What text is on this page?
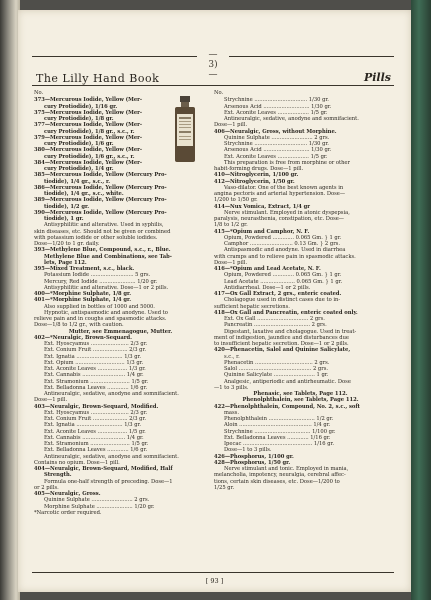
—3)—
The Lilly Hand Book	Pills

No.

373—Mercurous Iodide, Yellow (Mer-

cury Protiodide), 1/16 gr.

375—Mercurous Iodide, Yellow (Mer-

cury Protiodide), 1/8 gr.

377—Mercurous Iodide, Yellow (Mer-

cury Protiodide), 1/8 gr., s.c., r.

379—Mercurous Iodide, Yellow (Mer-

cury Protiodide), 1/6 gr.

380—Mercurous Iodide, Yellow (Mer-

cury Protiodide), 1/6 gr., s.c., r.

384—Mercurous Iodide, Yellow (Mer-

cury Protiodide), 1/4 gr.

385—Mercurous Iodide, Yellow (Mercury Pro-

tiodide), 1/4 gr., s.c., r.

386—Mercurous Iodide, Yellow (Mercury Pro-

tiodide), 1/4 gr., s.c., white.

389—Mercurous Iodide, Yellow (Mercury Pro-

tiodide), 1/2 gr.

390—Mercurous Iodide, Yellow (Mercury Pro-

tiodide), 1 gr.

Antisyphilitic and alterative. Used in syphilis,

skin diseases, etc. Should not be given or combined

with potassium iodide or other soluble iodides.

Dose—1/20 to 1 gr. daily.

393—Methylene Blue, Compound, s.c., r., Blue.

Methylene Blue and Combinations, see Tab-

lets, Page 112.

395—Mixed Treatment, s.c., black.

Potassium Iodide .......................... 5 grs.

Mercury, Red Iodide ...................... 1/20 gr.

Antisyphilitic and alterative. Dose—1 or 2 pills.

400—*Morphine Sulphate, 1/8 gr.

401—*Morphine Sulphate, 1/4 gr.

Also supplied in bottles of 1000 and 5000.

Hypnotic, antispasmodic and anodyne. Used to

relieve pain and in coughs and spasmodic attacks.

Dose—1/8 to 1/2 gr., with caution.

Mutter, see Emmenagogue, Mutter.

402—*Neuralgic, Brown-Sequard.

Ext. Hyoscyamus ....................... 2/3 gr.

Ext. Conium Fruit ..................... 2/3 gr.

Ext. Ignatia ............................ 1/3 gr.

Ext. Opium .............................. 1/3 gr.

Ext. Aconite Leaves .................. 1/3 gr.

Ext. Cannabis .......................... 1/4 gr.

Ext. Stramonium ........................ 1/5 gr.

Ext. Belladonna Leaves ............. 1/6 gr.

Antineuralgic, sedative, anodyne and somnifacient.

Dose—1 pill.

403—Neuralgic, Brown-Sequard, Modified.

Ext. Hyoscyamus ....................... 2/3 gr.

Ext. Conium Fruit ..................... 2/3 gr.

Ext. Ignatia ............................ 1/3 gr.

Ext. Aconite Leaves .................. 1/5 gr.

Ext. Cannabis .......................... 1/4 gr.

Ext. Stramonium ........................ 1/5 gr.

Ext. Belladonna Leaves ............. 1/6 gr.

Antineuralgic, sedative, anodyne and somnifacient.

Contains no opium. Dose—1 pill.

404—Neuralgic, Brown-Sequard, Modified, Half

Strength.

Formula one-half strength of preceding. Dose—1

or 2 pills.

405—Neuralgic, Gross.

Quinine Sulphate ......................... 2 grs.

Morphine Sulphate ...................... 1/20 gr.

*Narcotic order required.

No.

Strychnine ................................ 1/30 gr.

Arsenous Acid ............................ 1/30 gr.

Ext. Aconite Leaves ................... 1/5 gr.

Antineuralgic, sedative, anodyne and somnifacient.

Dose—1 pill.

406—Neuralgic, Gross, without Morphine.

Quinine Sulphate ......................... 2 grs.

Strychnine ................................ 1/30 gr.

Arsenous Acid ............................ 1/30 gr.

Ext. Aconite Leaves ................... 1/5 gr.

This preparation is free from morphine or other

habit-forming drugs. Dose—1 pill.

410—Nitroglycerin, 1/100 gr.

412—Nitroglycerin, 1/50 gr.

Vaso-dilator. One of the best known agents in

angina pectoris and arterial hypertension. Dose—

1/200 to 1/50 gr.

414—Nux Vomica, Extract, 1/4 gr

Nerve stimulant. Employed in atonic dyspepsia,

paralysis, neurasthenia, constipation, etc. Dose—

1/8 to 1/2 gr.

415—*Opium and Camphor, N. F.

Opium, Powdered ............. 0.065 Gm. } 1 gr.

Camphor .......................... 0.13 Gm. } 2 grs.

Antispasmodic and anodyne. Used in diarrhea

with cramps and to relieve pain in spasmodic attacks.

Dose—1 pill.

416—*Opium and Lead Acetate, N. F.

Opium, Powdered ............. 0.065 Gm. } 1 gr.

Lead Acetate ..................... 0.065 Gm. } 1 gr.

Antidiarrheal. Dose—1 or 2 pills.

417—Ox Gall Extract, 2 grs., enteric coated.

Cholagogue used in distinct cases due to in-

sufficient hepatic secretions.

418—Ox Gall and Pancreatin, enteric coated only.

Ext. Ox Gall ............................... 2 grs.

Pancreatin .................................. 2 grs.

Digestant, laxative and cholagogue. Used in treat-

ment of indigestion, jaundice and disturbances due

to insufficient hepatic secretion. Dose—1 or 2 pills.

420—Phenacetin, Salol and Quinine Salicylate,

s.c., r.

Phenacetin ................................... 2 grs.

Salol ............................................ 2 grs.

Quinine Salicylate ......................... 1 gr.

Analgesic, antiperiodic and antirheumatic. Dose

—1 to 3 pills.

Phenasic, see Tablets, Page 112.

Phenolphthalein, see Tablets, Page 112.

422—Phenolphthalein, Compound, No. 2, s.c., soft

mass.

Phenolphthalein ............................ 1/2 gr.

Aloin ............................................ 1/4 gr.

Strychnine .................................. 1/100 gr.

Ext. Belladonna Leaves ............. 1/16 gr.

Ipecac .......................................... 1/16 gr.

Dose—1 to 3 pills.

426—Phosphorus, 1/100 gr.

428—Phosphorus, 1/50 gr.

Nerve stimulant and tonic. Employed in mania,

melancholia, impotency, neuralgia, cerebral affec-

tions, certain skin diseases, etc. Dose—1/200 to

1/25 gr.

[ 93 ]
